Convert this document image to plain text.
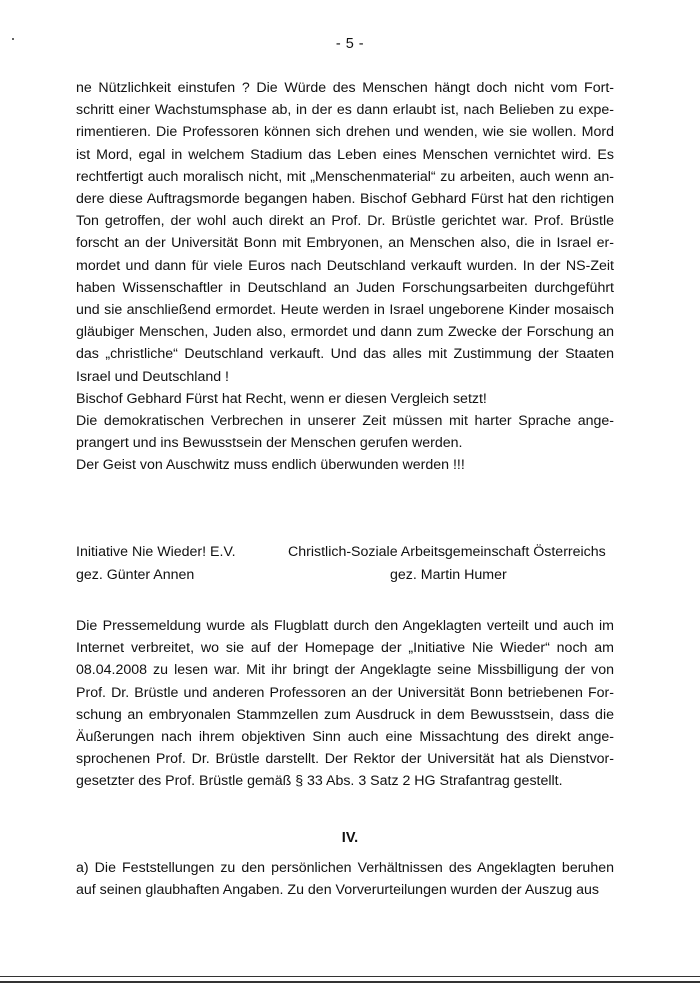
- 5 -
ne Nützlichkeit einstufen ? Die Würde des Menschen hängt doch nicht vom Fort-
schritt einer Wachstumsphase ab, in der es dann erlaubt ist, nach Belieben zu expe-
rimentieren. Die Professoren können sich drehen und wenden, wie sie wollen. Mord
ist Mord, egal in welchem Stadium das Leben eines Menschen vernichtet wird. Es
rechtfertigt auch moralisch nicht, mit „Menschenmaterial“ zu arbeiten, auch wenn an-
dere diese Auftragsmorde begangen haben. Bischof Gebhard Fürst hat den richtigen
Ton getroffen, der wohl auch direkt an Prof. Dr. Brüstle gerichtet war. Prof. Brüstle
forscht an der Universität Bonn mit Embryonen, an Menschen also, die in Israel er-
mordet und dann für viele Euros nach Deutschland verkauft wurden. In der NS-Zeit
haben Wissenschaftler in Deutschland an Juden Forschungsarbeiten durchgeführt
und sie anschließend ermordet. Heute werden in Israel ungeborene Kinder mosaisch
gläubiger Menschen, Juden also, ermordet und dann zum Zwecke der Forschung an
das „christliche“ Deutschland verkauft. Und das alles mit Zustimmung der Staaten
Israel und Deutschland !
Bischof Gebhard Fürst hat Recht, wenn er diesen Vergleich setzt!
Die demokratischen Verbrechen in unserer Zeit müssen mit harter Sprache ange-
prangert und ins Bewusstsein der Menschen gerufen werden.
Der Geist von Auschwitz muss endlich überwunden werden !!!
Initiative Nie Wieder! E.V.	Christlich-Soziale Arbeitsgemeinschaft Österreichs
gez. Günter Annen	gez. Martin Humer
Die Pressemeldung wurde als Flugblatt durch den Angeklagten verteilt und auch im
Internet verbreitet, wo sie auf der Homepage der „Initiative Nie Wieder“ noch am
08.04.2008 zu lesen war. Mit ihr bringt der Angeklagte seine Missbilligung der von
Prof. Dr. Brüstle und anderen Professoren an der Universität Bonn betriebenen For-
schung an embryonalen Stammzellen zum Ausdruck in dem Bewusstsein, dass die
Äußerungen nach ihrem objektiven Sinn auch eine Missachtung des direkt ange-
sprochenen Prof. Dr. Brüstle darstellt. Der Rektor der Universität hat als Dienstvor-
gesetzter des Prof. Brüstle gemäß § 33 Abs. 3 Satz 2 HG Strafantrag gestellt.
IV.
a) Die Feststellungen zu den persönlichen Verhältnissen des Angeklagten beruhen
auf seinen glaubhaften Angaben. Zu den Vorverurteilungen wurden der Auszug aus
